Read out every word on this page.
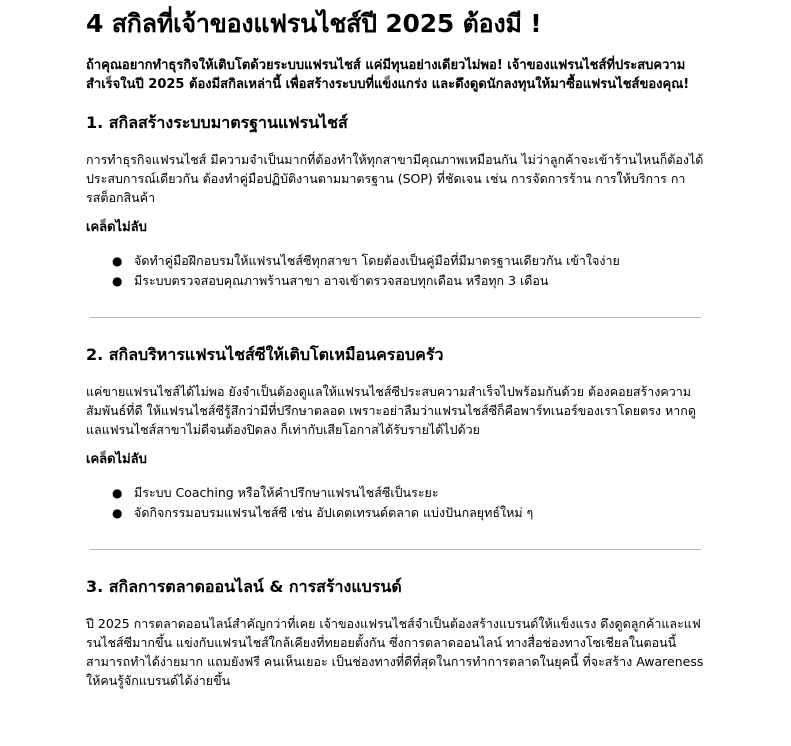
4 สกิลที่เจ้าของแฟรนไชส์ปี 2025 ต้องมี !

ถ้าคุณอยากทำธุรกิจให้เติบโตด้วยระบบแฟรนไชส์ แค่มีทุนอย่างเดียวไม่พอ! เจ้าของแฟรนไชส์ที่ประสบความสำเร็จในปี 2025 ต้องมีสกิลเหล่านี้ เพื่อสร้างระบบที่แข็งแกร่ง และดึงดูดนักลงทุนให้มาซื้อแฟรนไชส์ของคุณ!

1. สกิลสร้างระบบมาตรฐานแฟรนไชส์

การทำธุรกิจแฟรนไชส์ มีความจำเป็นมากที่ต้องทำให้ทุกสาขามีคุณภาพเหมือนกัน ไม่ว่าลูกค้าจะเข้าร้านไหนก็ต้องได้ประสบการณ์เดียวกัน ต้องทำคู่มือปฏิบัติงานตามมาตรฐาน (SOP) ที่ชัดเจน เช่น การจัดการร้าน การให้บริการ การสต็อกสินค้า

เคล็ดไม่ลับ

● จัดทำคู่มือฝึกอบรมให้แฟรนไชส์ซีทุกสาขา โดยต้องเป็นคู่มือที่มีมาตรฐานเดียวกัน เข้าใจง่าย
● มีระบบตรวจสอบคุณภาพร้านสาขา อาจเข้าตรวจสอบทุกเดือน หรือทุก 3 เดือน
2. สกิลบริหารแฟรนไชส์ซีให้เติบโตเหมือนครอบครัว

แค่ขายแฟรนไชส์ได้ไม่พอ ยังจำเป็นต้องดูแลให้แฟรนไชส์ซีประสบความสำเร็จไปพร้อมกันด้วย ต้องคอยสร้างความสัมพันธ์ที่ดี ให้แฟรนไชส์ซีรู้สึกว่ามีที่ปรึกษาตลอด เพราะอย่าลืมว่าแฟรนไชส์ซีก็คือพาร์ทเนอร์ของเราโดยตรง หากดูแลแฟรนไชส์สาขาไม่ดีจนต้องปิดลง ก็เท่ากับเสียโอกาสได้รับรายได้ไปด้วย

เคล็ดไม่ลับ

● มีระบบ Coaching หรือให้คำปรึกษาแฟรนไชส์ซีเป็นระยะ
● จัดกิจกรรมอบรมแฟรนไชส์ซี เช่น อัปเดตเทรนด์ตลาด แบ่งปันกลยุทธ์ใหม่ ๆ
3. สกิลการตลาดออนไลน์ & การสร้างแบรนด์

ปี 2025 การตลาดออนไลน์สำคัญกว่าที่เคย เจ้าของแฟรนไชส์จำเป็นต้องสร้างแบรนด์ให้แข็งแรง ดึงดูดลูกค้าและแฟรนไชส์ซีมากขึ้น แข่งกับแฟรนไชส์ใกล้เคียงที่ทยอยตั้งกัน ซึ่งการตลาดออนไลน์ ทางสื่อช่องทางโซเชียลในตอนนี้สามารถทำได้ง่ายมาก แถมยังฟรี คนเห็นเยอะ เป็นช่องทางที่ดีที่สุดในการทำการตลาดในยุคนี้ ที่จะสร้าง Awareness ให้คนรู้จักแบรนด์ได้ง่ายขึ้น
